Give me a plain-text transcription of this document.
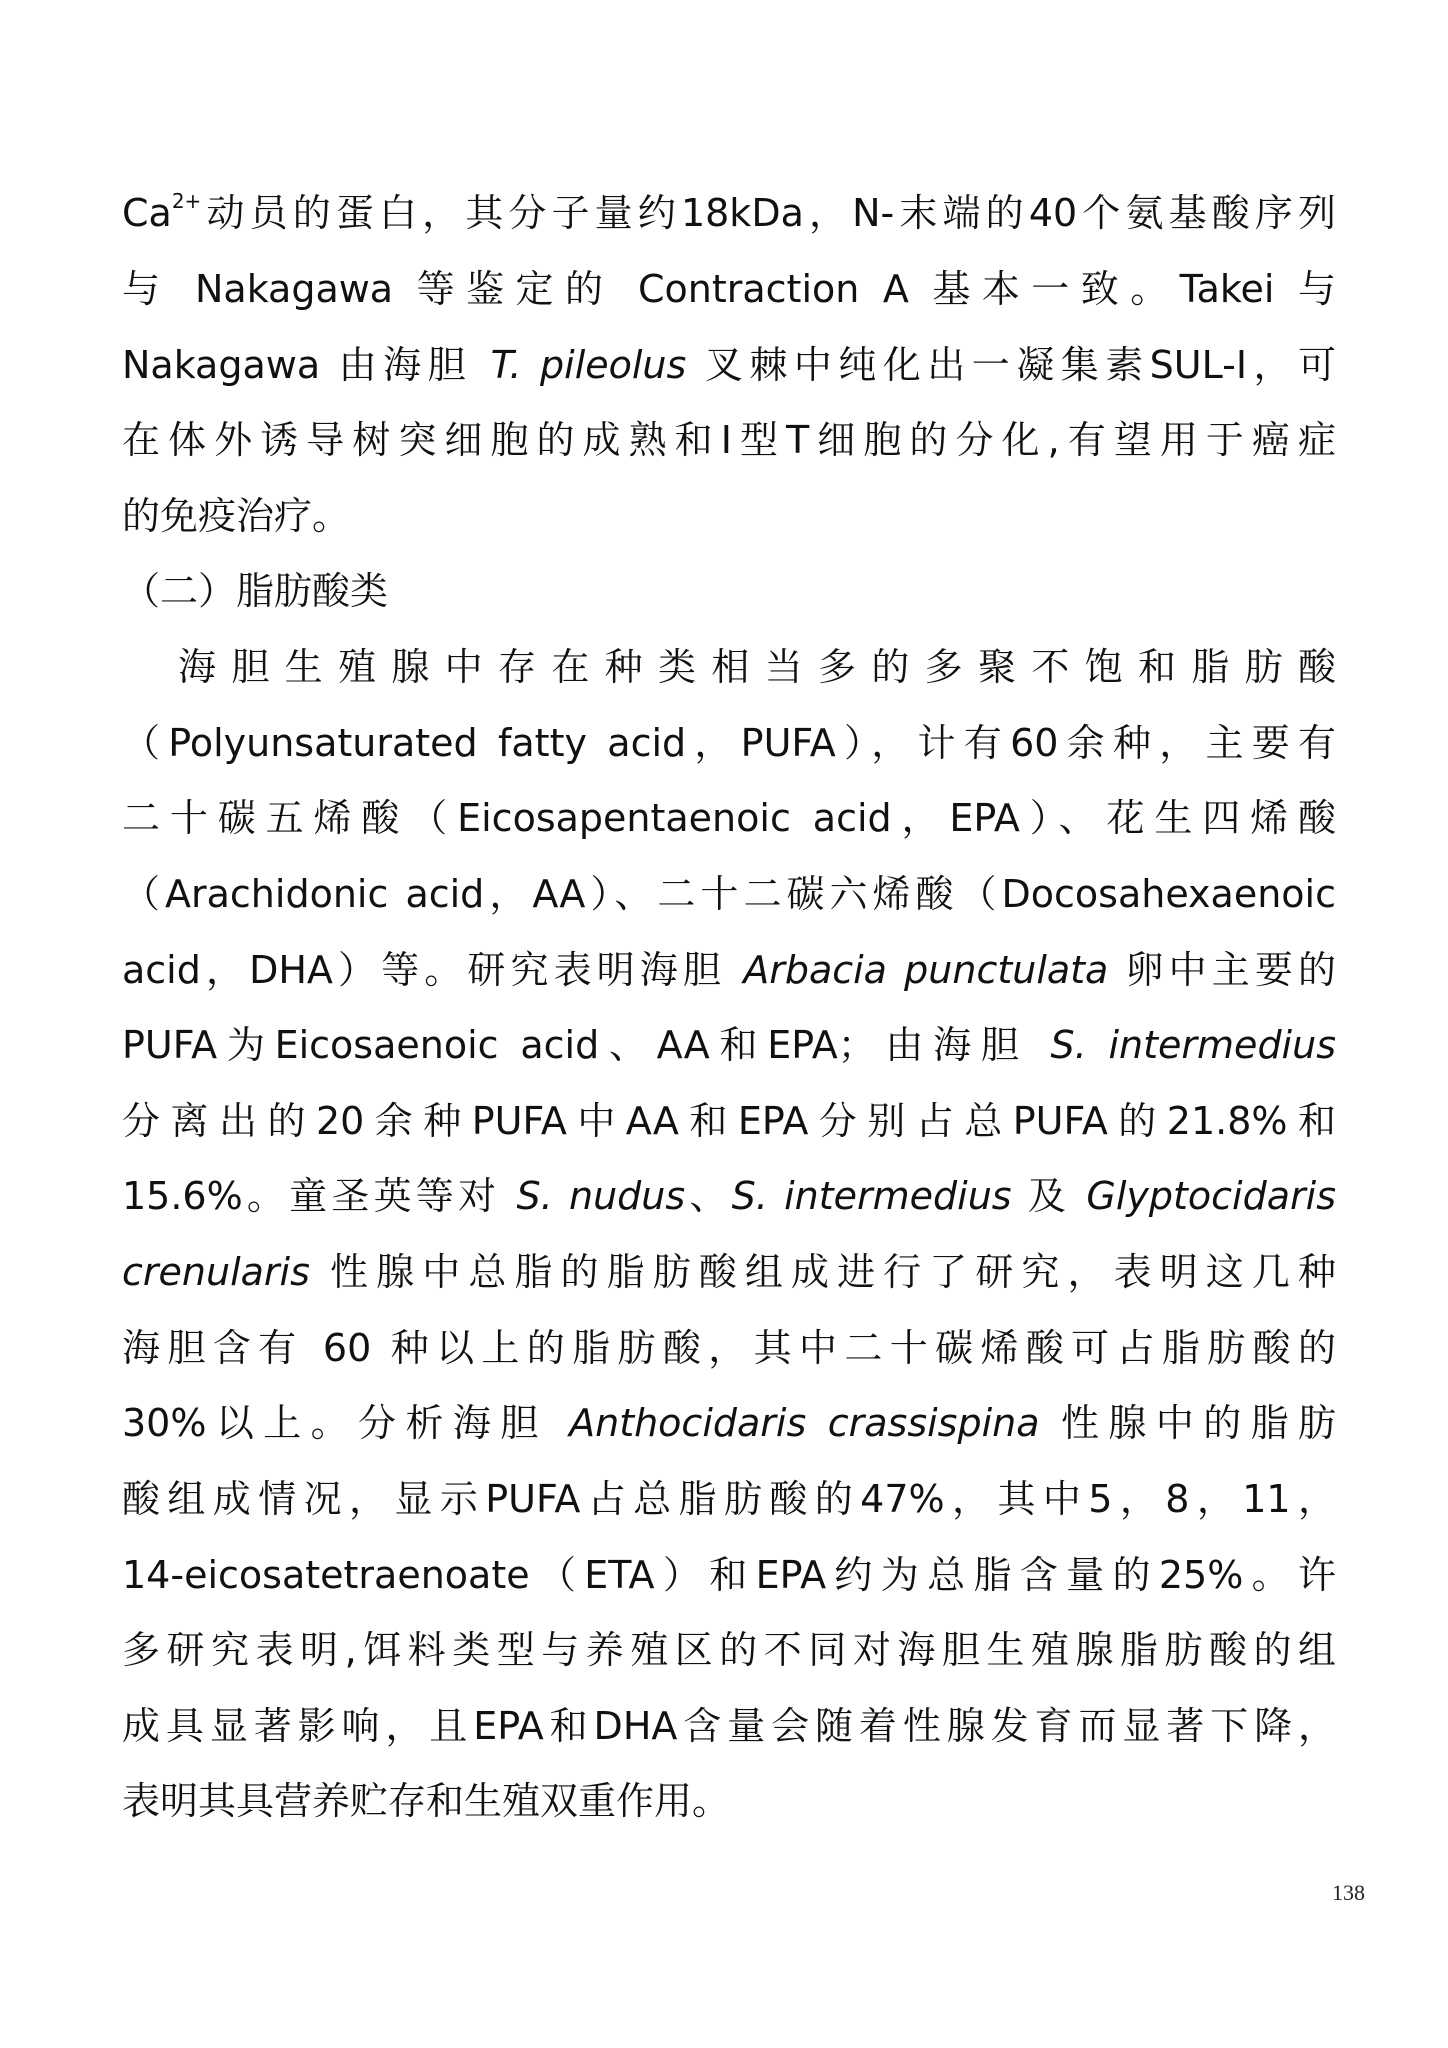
$Ca^{2+}$动员的蛋白，其分子量约18kDa，N-末端的40个氨基酸序列
与 Nakagawa 等鉴定的 Contraction A 基本一致。Takei 与
Nakagawa 由海胆 T. pileolus 叉棘中纯化出一凝集素SUL-I，可
在体外诱导树突细胞的成熟和I型T细胞的分化,有望用于癌症
的免疫治疗。
（二）脂肪酸类
海胆生殖腺中存在种类相当多的多聚不饱和脂肪酸
（Polyunsaturated fatty acid，PUFA），计有60余种，主要有
二十碳五烯酸（Eicosapentaenoic acid，EPA）、花生四烯酸
（Arachidonic acid，AA）、二十二碳六烯酸（Docosahexaenoic
acid，DHA）等。研究表明海胆 Arbacia punctulata 卵中主要的
PUFA为Eicosaenoic acid、AA和EPA；由海胆 S. intermedius
分离出的20余种PUFA中AA和EPA分别占总PUFA的21.8%和
15.6%。童圣英等对 S. nudus、S. intermedius 及 Glyptocidaris
crenularis 性腺中总脂的脂肪酸组成进行了研究，表明这几种
海胆含有 60 种以上的脂肪酸，其中二十碳烯酸可占脂肪酸的
30%以上。分析海胆 Anthocidaris crassispina 性腺中的脂肪
酸组成情况，显示PUFA占总脂肪酸的47%，其中5，8，11，
14-eicosatetraenoate（ETA）和EPA约为总脂含量的25%。许
多研究表明,饵料类型与养殖区的不同对海胆生殖腺脂肪酸的组
成具显著影响，且EPA和DHA含量会随着性腺发育而显著下降，
表明其具营养贮存和生殖双重作用。
138
